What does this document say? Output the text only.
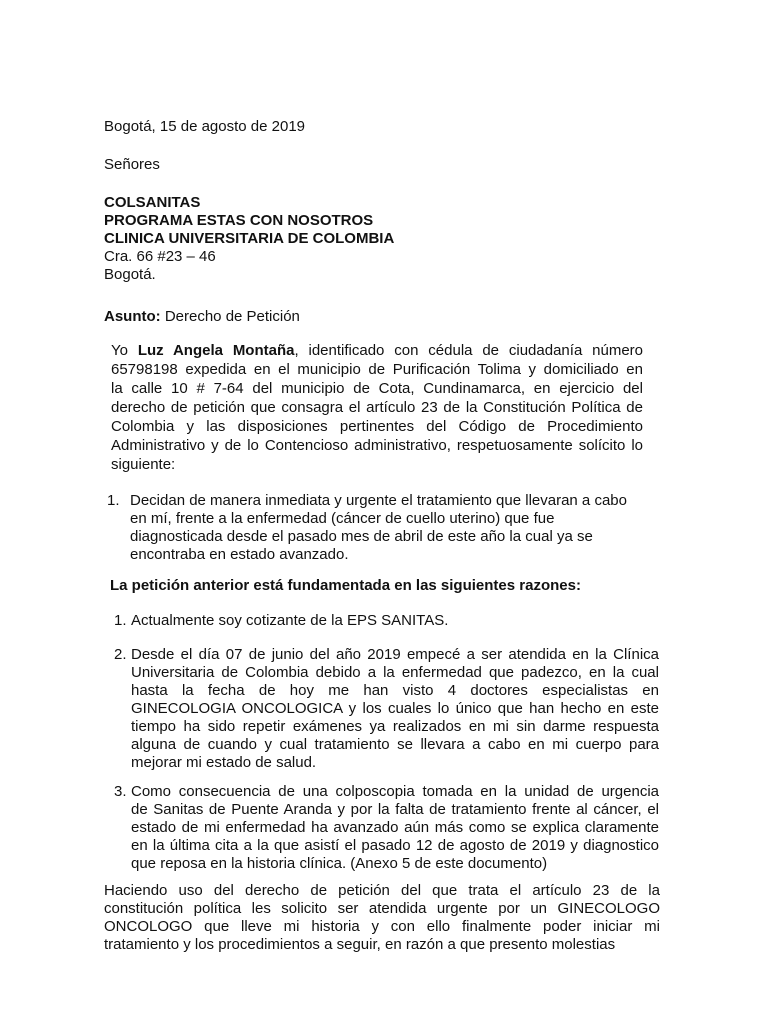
Bogotá, 15 de agosto de 2019
Señores
COLSANITAS
PROGRAMA ESTAS CON NOSOTROS
CLINICA UNIVERSITARIA DE COLOMBIA
Cra. 66 #23 – 46
Bogotá.
Asunto: Derecho de Petición
Yo Luz Angela Montaña, identificado con cédula de ciudadanía número
65798198 expedida en el municipio de Purificación Tolima y domiciliado en
la calle 10 # 7-64 del municipio de Cota, Cundinamarca, en ejercicio del
derecho de petición que consagra el artículo 23 de la Constitución Política de
Colombia y las disposiciones pertinentes del Código de Procedimiento
Administrativo y de lo Contencioso administrativo, respetuosamente solícito lo
siguiente:
1. Decidan de manera inmediata y urgente el tratamiento que llevaran a cabo
en mí, frente a la enfermedad (cáncer de cuello uterino) que fue
diagnosticada desde el pasado mes de abril de este año la cual ya se
encontraba en estado avanzado.
La petición anterior está fundamentada en las siguientes razones:
1. Actualmente soy cotizante de la EPS SANITAS.
2. Desde el día 07 de junio del año 2019 empecé a ser atendida en la Clínica
Universitaria de Colombia debido a la enfermedad que padezco, en la cual
hasta la fecha de hoy me han visto 4 doctores especialistas en
GINECOLOGIA ONCOLOGICA y los cuales lo único que han hecho en este
tiempo ha sido repetir exámenes ya realizados en mi sin darme respuesta
alguna de cuando y cual tratamiento se llevara a cabo en mi cuerpo para
mejorar mi estado de salud.
3. Como consecuencia de una colposcopia tomada en la unidad de urgencia
de Sanitas de Puente Aranda y por la falta de tratamiento frente al cáncer, el
estado de mi enfermedad ha avanzado aún más como se explica claramente
en la última cita a la que asistí el pasado 12 de agosto de 2019 y diagnostico
que reposa en la historia clínica. (Anexo 5 de este documento)
Haciendo uso del derecho de petición del que trata el artículo 23 de la
constitución política les solicito ser atendida urgente por un GINECOLOGO
ONCOLOGO que lleve mi historia y con ello finalmente poder iniciar mi
tratamiento y los procedimientos a seguir, en razón a que presento molestias
